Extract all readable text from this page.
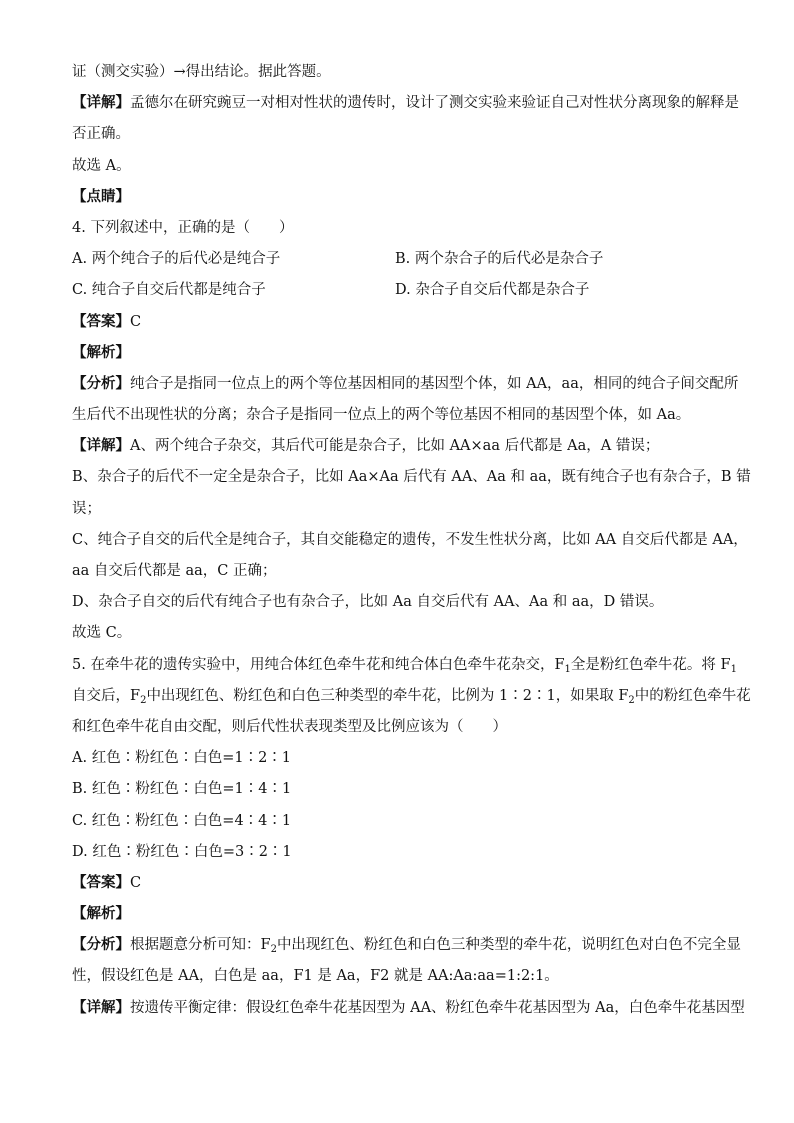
证（测交实验）→得出结论。据此答题。
【详解】孟德尔在研究豌豆一对相对性状的遗传时，设计了测交实验来验证自己对性状分离现象的解释是
否正确。
故选 A。
【点睛】
4. 下列叙述中，正确的是（　　）
A. 两个纯合子的后代必是纯合子	B. 两个杂合子的后代必是杂合子
C. 纯合子自交后代都是纯合子	D. 杂合子自交后代都是杂合子
【答案】C
【解析】
【分析】纯合子是指同一位点上的两个等位基因相同的基因型个体，如 AA，aa，相同的纯合子间交配所
生后代不出现性状的分离；杂合子是指同一位点上的两个等位基因不相同的基因型个体，如 Aa。
【详解】A、两个纯合子杂交，其后代可能是杂合子，比如 AA×aa 后代都是 Aa，A 错误；
B、杂合子的后代不一定全是杂合子，比如 Aa×Aa 后代有 AA、Aa 和 aa，既有纯合子也有杂合子，B 错
误；
C、纯合子自交的后代全是纯合子，其自交能稳定的遗传，不发生性状分离，比如 AA 自交后代都是 AA，
aa 自交后代都是 aa，C 正确；
D、杂合子自交的后代有纯合子也有杂合子，比如 Aa 自交后代有 AA、Aa 和 aa，D 错误。
故选 C。
5. 在牵牛花的遗传实验中，用纯合体红色牵牛花和纯合体白色牵牛花杂交，$F_1$全是粉红色牵牛花。将 $F_1$
自交后，$F_2$中出现红色、粉红色和白色三种类型的牵牛花，比例为 1∶2∶1，如果取 $F_2$中的粉红色牵牛花
和红色牵牛花自由交配，则后代性状表现类型及比例应该为（　　）
A. 红色∶粉红色∶白色=1∶2∶1
B. 红色∶粉红色∶白色=1∶4∶1
C. 红色∶粉红色∶白色=4∶4∶1
D. 红色∶粉红色∶白色=3∶2∶1
【答案】C
【解析】
【分析】根据题意分析可知：$F_2$中出现红色、粉红色和白色三种类型的牵牛花，说明红色对白色不完全显
性，假设红色是 AA，白色是 aa，F1 是 Aa，F2 就是 AA:Aa:aa=1:2:1。
【详解】按遗传平衡定律：假设红色牵牛花基因型为 AA、粉红色牵牛花基因型为 Aa，白色牵牛花基因型
